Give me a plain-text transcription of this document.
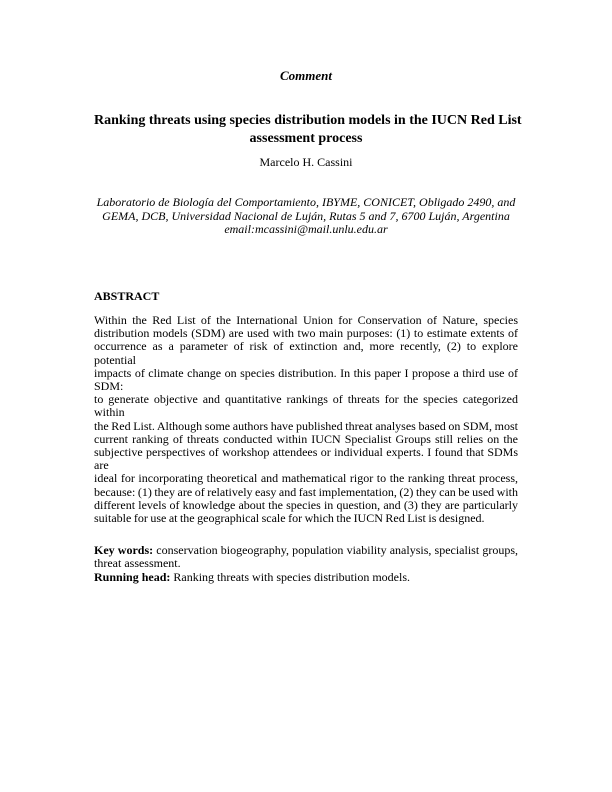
Comment
Ranking threats using species distribution models in the IUCN Red List
assessment process
Marcelo H. Cassini
Laboratorio de Biología del Comportamiento, IBYME, CONICET, Obligado 2490, and
GEMA, DCB, Universidad Nacional de Luján, Rutas 5 and 7, 6700 Luján, Argentina
email:mcassini@mail.unlu.edu.ar
ABSTRACT
Within the Red List of the International Union for Conservation of Nature, species
distribution models (SDM) are used with two main purposes: (1) to estimate extents of
occurrence as a parameter of risk of extinction and, more recently, (2) to explore potential
impacts of climate change on species distribution. In this paper I propose a third use of SDM:
to generate objective and quantitative rankings of threats for the species categorized within
the Red List. Although some authors have published threat analyses based on SDM, most
current ranking of threats conducted within IUCN Specialist Groups still relies on the
subjective perspectives of workshop attendees or individual experts. I found that SDMs are
ideal for incorporating theoretical and mathematical rigor to the ranking threat process,
because: (1) they are of relatively easy and fast implementation, (2) they can be used with
different levels of knowledge about the species in question, and (3) they are particularly
suitable for use at the geographical scale for which the IUCN Red List is designed.

Key words: conservation biogeography, population viability analysis, specialist groups, threat assessment.

Running head: Ranking threats with species distribution models.
